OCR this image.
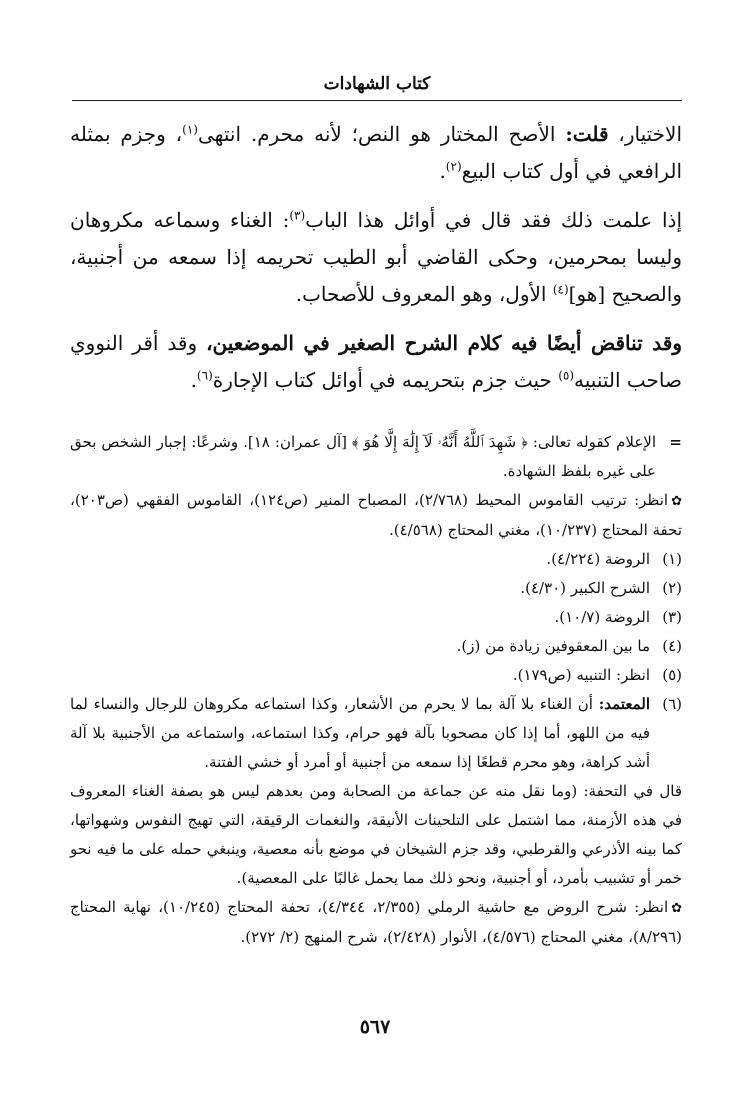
كتاب الشهادات

الاختيار، قلت: الأصح المختار هو النص؛ لأنه محرم. انتهى$^{(١)}$، وجزم بمثله الرافعي في أول كتاب البيع$^{(٢)}$.

إذا علمت ذلك فقد قال في أوائل هذا الباب$^{(٣)}$: الغناء وسماعه مكروهان وليسا بمحرمين، وحكى القاضي أبو الطيب تحريمه إذا سمعه من أجنبية، والصحيح [هو]$^{(٤)}$ الأول، وهو المعروف للأصحاب.

وقد تناقض أيضًا فيه كلام الشرح الصغير في الموضعين، وقد أقر النووي صاحب التنبيه$^{(٥)}$ حيث جزم بتحريمه في أوائل كتاب الإجارة$^{(٦)}$.

=
الإعلام كقوله تعالى: ﴿ شَهِدَ ٱللَّهُ أَنَّهُۥ لَآ إِلَٰهَ إِلَّا هُوَ ﴾ [آل عمران: ١٨]. وشرعًا: إجبار الشخص بحق على غيره بلفظ الشهادة.

✿انظر: ترتيب القاموس المحيط (٢/٧٦٨)، المصباح المنير (ص١٢٤)، القاموس الفقهي (ص٢٠٣)، تحفة المحتاج (١٠/٢٣٧)، مغني المحتاج (٤/٥٦٨).

(١)
الروضة (٤/٢٢٤).
(٢)
الشرح الكبير (٤/٣٠).
(٣)
الروضة (١٠/٧).
(٤)
ما بين المعقوفين زيادة من (ز).
(٥)
انظر: التنبيه (ص١٧٩).
(٦)
المعتمد: أن الغناء بلا آلة بما لا يحرم من الأشعار، وكذا استماعه مكروهان للرجال والنساء لما فيه من اللهو، أما إذا كان مصحوبا بآلة فهو حرام، وكذا استماعه، واستماعه من الأجنبية بلا آلة أشد كراهة، وهو محرم قطعًا إذا سمعه من أجنبية أو أمرد أو خشي الفتنة.

قال في التحفة: (وما نقل منه عن جماعة من الصحابة ومن بعدهم ليس هو بصفة الغناء المعروف في هذه الأزمنة، مما اشتمل على التلحينات الأنيقة، والنغمات الرقيقة، التي تهيج النفوس وشهواتها، كما بينه الأذرعي والقرطبي، وقد جزم الشيخان في موضع بأنه معصية، وينبغي حمله على ما فيه نحو خمر أو تشبيب بأمرد، أو أجنبية، ونحو ذلك مما يحمل غالبًا على المعصية).

✿انظر: شرح الروض مع حاشية الرملي (٢/٣٥٥، ٤/٣٤٤)، تحفة المحتاج (١٠/٢٤٥)، نهاية المحتاج (٨/٢٩٦)، مغني المحتاج (٤/٥٧٦)، الأنوار (٢/٤٢٨)، شرح المنهج (٢/ ٢٧٢).

٥٦٧
